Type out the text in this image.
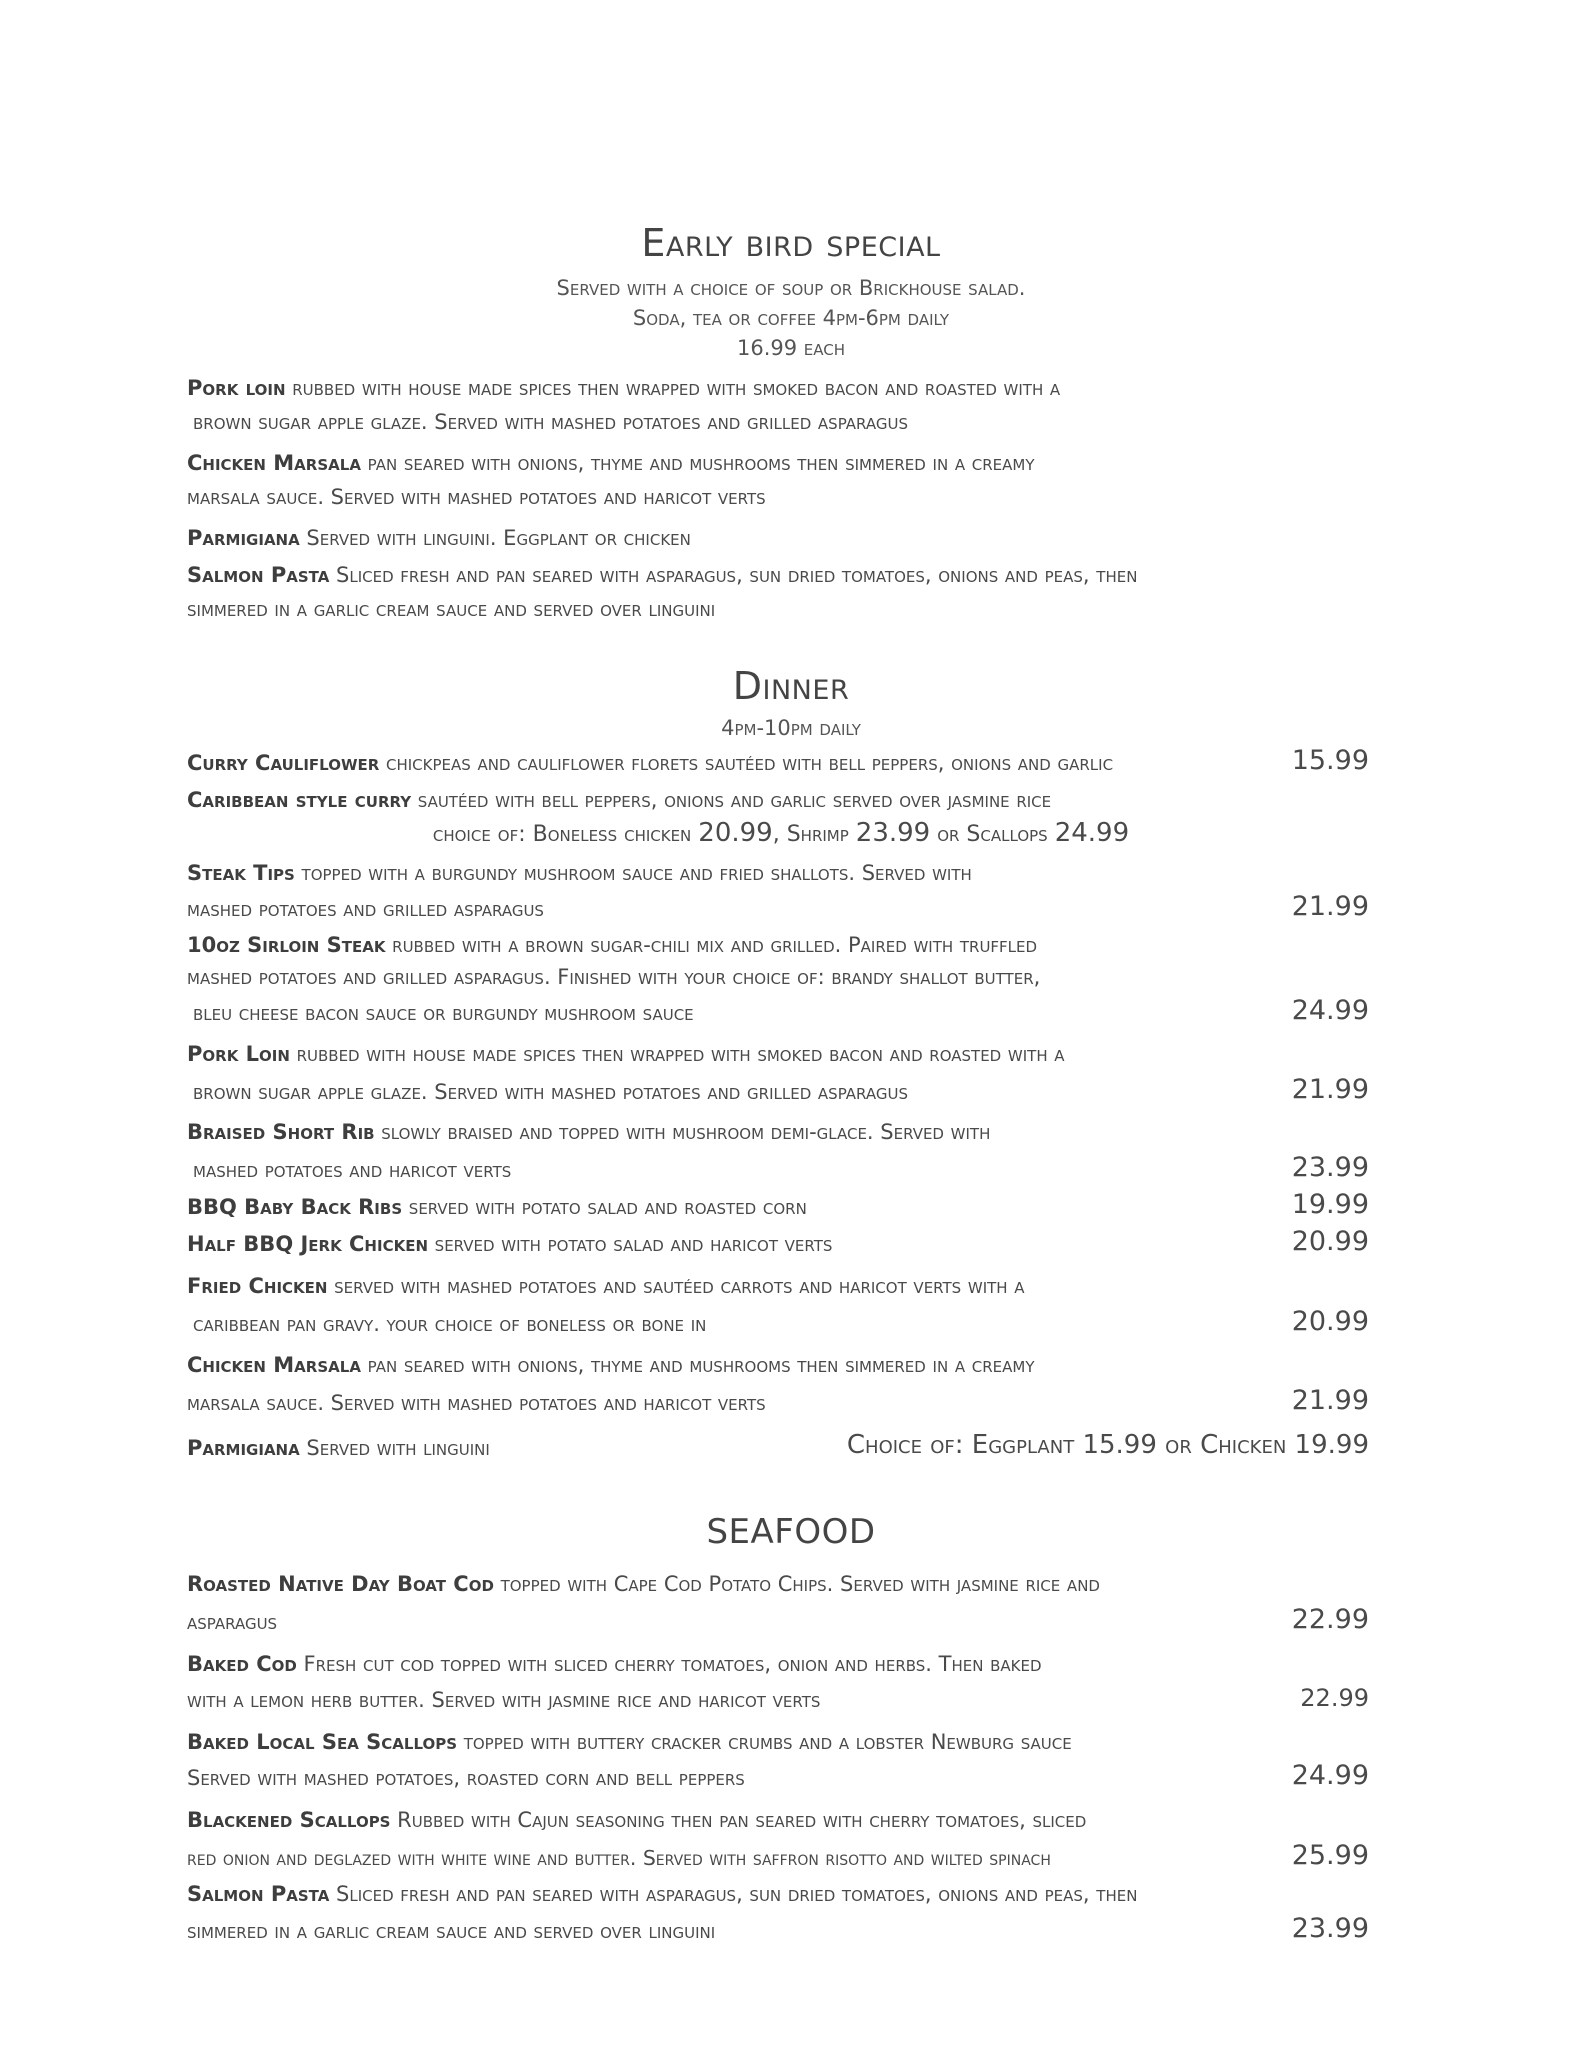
Early bird special
Served with a choice of soup or Brickhouse salad.
Soda, tea or coffee 4pm-6pm daily
16.99 each
Pork loin rubbed with house made spices then wrapped with smoked bacon and roasted with a
brown sugar apple glaze. Served with mashed potatoes and grilled asparagus
Chicken Marsala pan seared with onions, thyme and mushrooms then simmered in a creamy
marsala sauce. Served with mashed potatoes and haricot verts
Parmigiana Served with linguini. Eggplant or chicken
Salmon Pasta Sliced fresh and pan seared with asparagus, sun dried tomatoes, onions and peas, then
simmered in a garlic cream sauce and served over linguini
Dinner
4pm-10pm daily
Curry Cauliflower chickpeas and cauliflower florets sautéed with bell peppers, onions and garlic	15.99
Caribbean style curry sautéed with bell peppers, onions and garlic served over jasmine rice
choice of: Boneless chicken 20.99, Shrimp 23.99 or Scallops 24.99
Steak Tips topped with a burgundy mushroom sauce and fried shallots. Served with
mashed potatoes and grilled asparagus	21.99
10oz Sirloin Steak rubbed with a brown sugar-chili mix and grilled. Paired with truffled
mashed potatoes and grilled asparagus. Finished with your choice of: brandy shallot butter,
bleu cheese bacon sauce or burgundy mushroom sauce	24.99
Pork Loin rubbed with house made spices then wrapped with smoked bacon and roasted with a
brown sugar apple glaze. Served with mashed potatoes and grilled asparagus	21.99
Braised Short Rib slowly braised and topped with mushroom demi-glace. Served with
mashed potatoes and haricot verts	23.99
BBQ Baby Back Ribs served with potato salad and roasted corn	19.99
Half BBQ Jerk Chicken served with potato salad and haricot verts	20.99
Fried Chicken served with mashed potatoes and sautéed carrots and haricot verts with a
caribbean pan gravy. your choice of boneless or bone in	20.99
Chicken Marsala pan seared with onions, thyme and mushrooms then simmered in a creamy
marsala sauce. Served with mashed potatoes and haricot verts	21.99
Parmigiana Served with linguini	Choice of: Eggplant 15.99 or Chicken 19.99
SEAFOOD
Roasted Native Day Boat Cod topped with Cape Cod Potato Chips. Served with jasmine rice and
asparagus	22.99
Baked Cod Fresh cut cod topped with sliced cherry tomatoes, onion and herbs. Then baked
with a lemon herb butter. Served with jasmine rice and haricot verts	22.99
Baked Local Sea Scallops topped with buttery cracker crumbs and a lobster Newburg sauce
Served with mashed potatoes, roasted corn and bell peppers	24.99
Blackened Scallops Rubbed with Cajun seasoning then pan seared with cherry tomatoes, sliced
red onion and deglazed with white wine and butter. Served with saffron risotto and wilted spinach	25.99
Salmon Pasta Sliced fresh and pan seared with asparagus, sun dried tomatoes, onions and peas, then
simmered in a garlic cream sauce and served over linguini	23.99
